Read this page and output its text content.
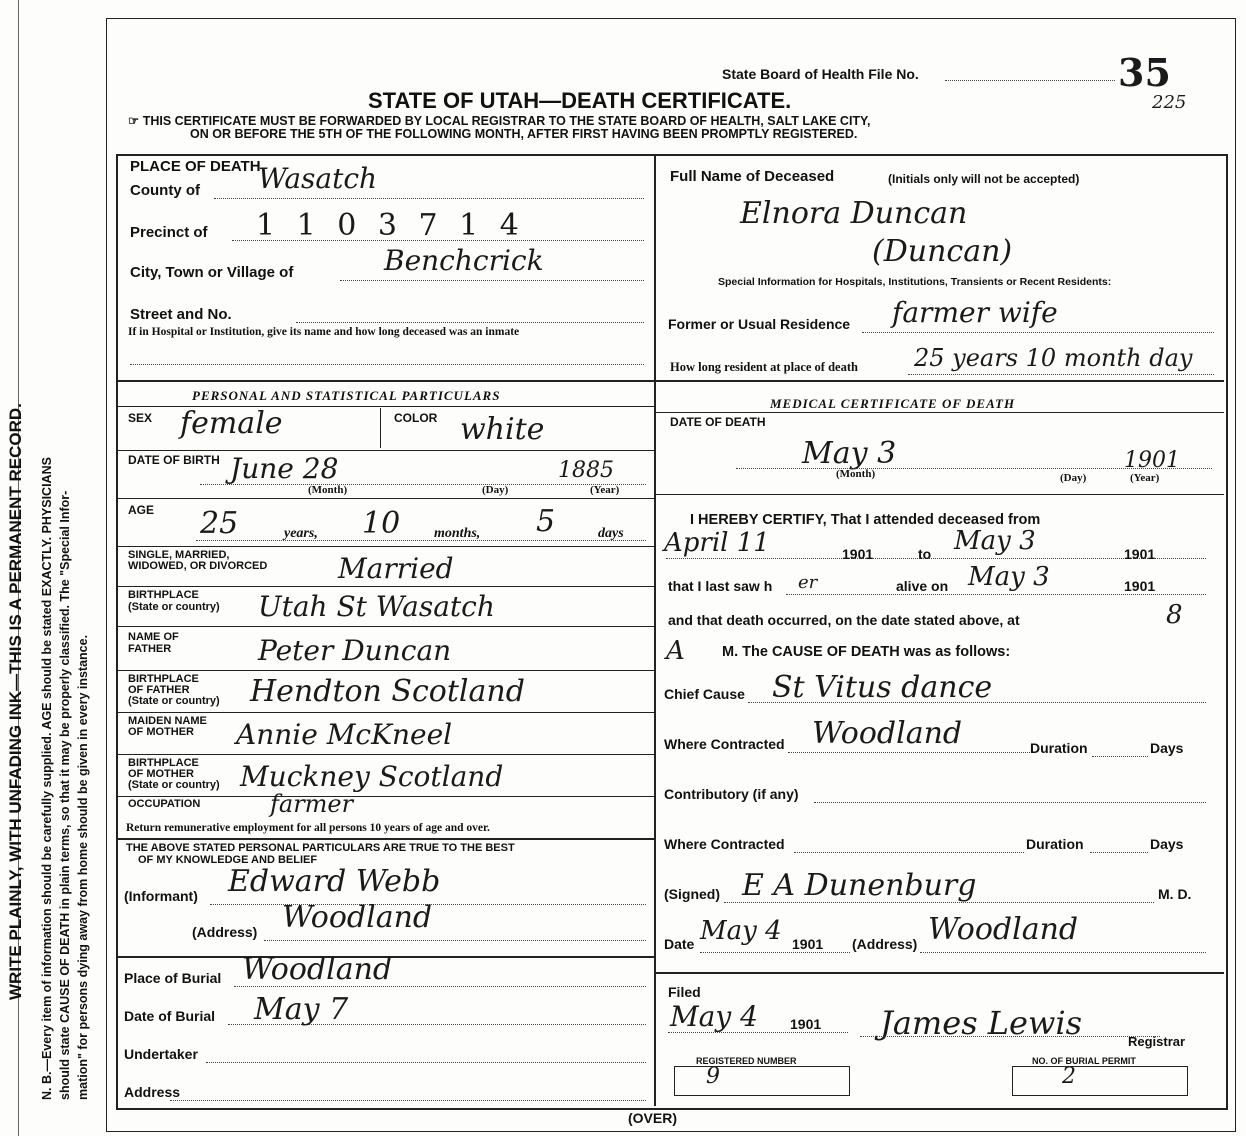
WRITE PLAINLY, WITH UNFADING INK—THIS IS A PERMANENT RECORD. N. B.—Every item of information should be carefully supplied. AGE should be stated EXACTLY. PHYSICIANS should state CAUSE OF DEATH in plain terms, so that it may be properly classified. The "Special Infor- mation" for persons dying away from home should be given in every instance.
State Board of Health File No.	35
225
STATE OF UTAH—DEATH CERTIFICATE.
☞ THIS CERTIFICATE MUST BE FORWARDED BY LOCAL REGISTRAR TO THE STATE BOARD OF HEALTH, SALT LAKE CITY,
ON OR BEFORE THE 5TH OF THE FOLLOWING MONTH, AFTER FIRST HAVING BEEN PROMPTLY REGISTERED.
PLACE OF DEATH
County of Wasatch
Precinct of 1 1 0 3 7 1 4
City, Town or Village of	Benchcrick
Street and No.
If in Hospital or Institution, give its name and how long deceased was an inmate
Full Name of Deceased	(Initials only will not be accepted)
Elnora Duncan
(Duncan)
Special Information for Hospitals, Institutions, Transients or Recent Residents:
Former or Usual Residence farmer wife
How long resident at place of death 25 years 10 month day
PERSONAL AND STATISTICAL PARTICULARS
MEDICAL CERTIFICATE OF DEATH
SEX female	COLOR white
DATE OF BIRTH June 28	1885
(Month)	(Day)	(Year)
AGE 25	years, 10 months, 5	days
SINGLE, MARRIED,
WIDOWED, OR DIVORCED	Married
BIRTHPLACE
(State or country) Utah St Wasatch
NAME OF
FATHER	Peter Duncan
BIRTHPLACE
OF FATHER
(State or country) Hendton Scotland
MAIDEN NAME
OF MOTHER Annie McKneel
BIRTHPLACE
OF MOTHER
(State or country) Muckney Scotland
OCCUPATION	farmer
Return remunerative employment for all persons 10 years of age and over.
THE ABOVE STATED PERSONAL PARTICULARS ARE TRUE TO THE BEST
OF MY KNOWLEDGE AND BELIEF
(Informant) Edward Webb
(Address) Woodland
Place of Burial Woodland
Date of Burial May 7
Undertaker
Address
DATE OF DEATH
May 3	1901
(Month)	(Day)	(Year)
I HEREBY CERTIFY, That I attended deceased from
April 11	1901	to May 3	1901
that I last saw h er	alive on May 3	1901
and that death occurred, on the date stated above, at	8
A	M. The CAUSE OF DEATH was as follows:
Chief Cause St Vitus dance
Where Contracted Woodland	Duration	Days
Contributory (if any)
Where Contracted	Duration	Days
(Signed) E A Dunenburg	M. D.
Date May 4 1901 (Address) Woodland
Filed
May 4 1901 James Lewis	Registrar
REGISTERED NUMBER
9
NO. OF BURIAL PERMIT
2
(OVER)
